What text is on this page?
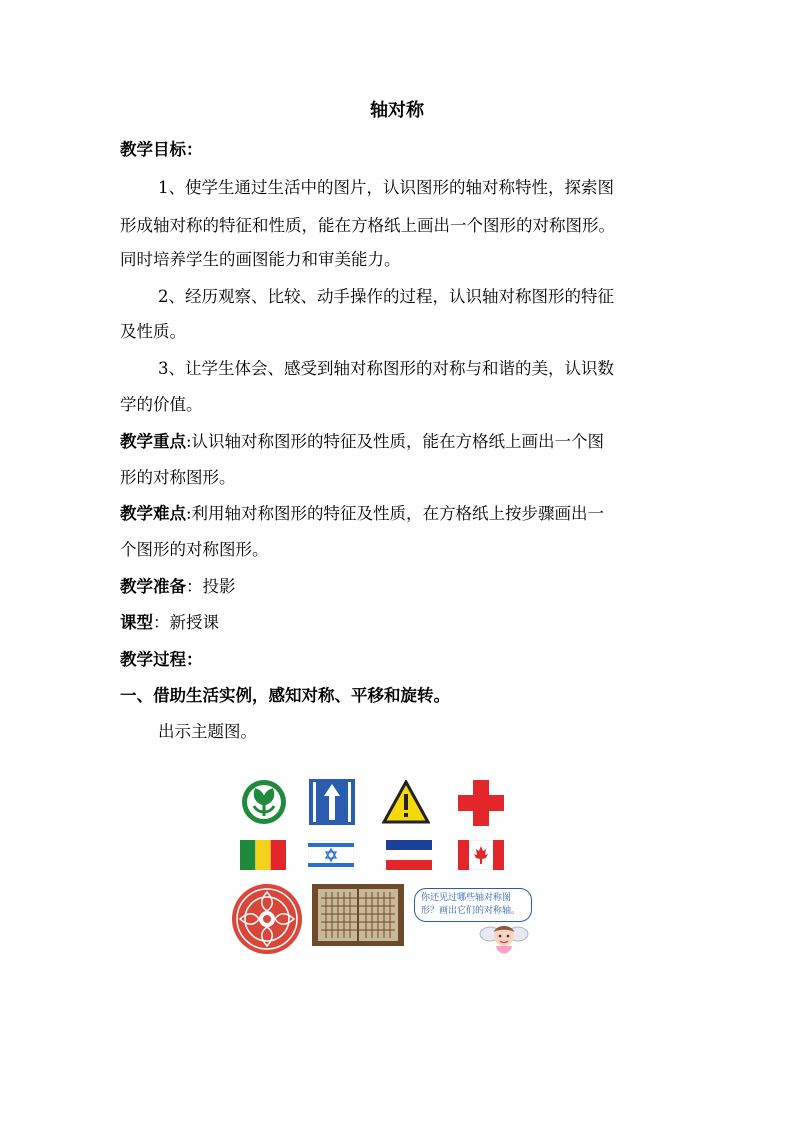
轴对称
教学目标：
1、使学生通过生活中的图片，认识图形的轴对称特性，探索图
形成轴对称的特征和性质，能在方格纸上画出一个图形的对称图形。
同时培养学生的画图能力和审美能力。
2、经历观察、比较、动手操作的过程，认识轴对称图形的特征
及性质。
3、让学生体会、感受到轴对称图形的对称与和谐的美，认识数
学的价值。
教学重点:认识轴对称图形的特征及性质，能在方格纸上画出一个图
形的对称图形。
教学难点:利用轴对称图形的特征及性质，在方格纸上按步骤画出一
个图形的对称图形。
教学准备：投影
课型：新授课
教学过程：
一、借助生活实例，感知对称、平移和旋转。
出示主题图。

你还见过哪些轴对称图

形？画出它们的对称轴。
